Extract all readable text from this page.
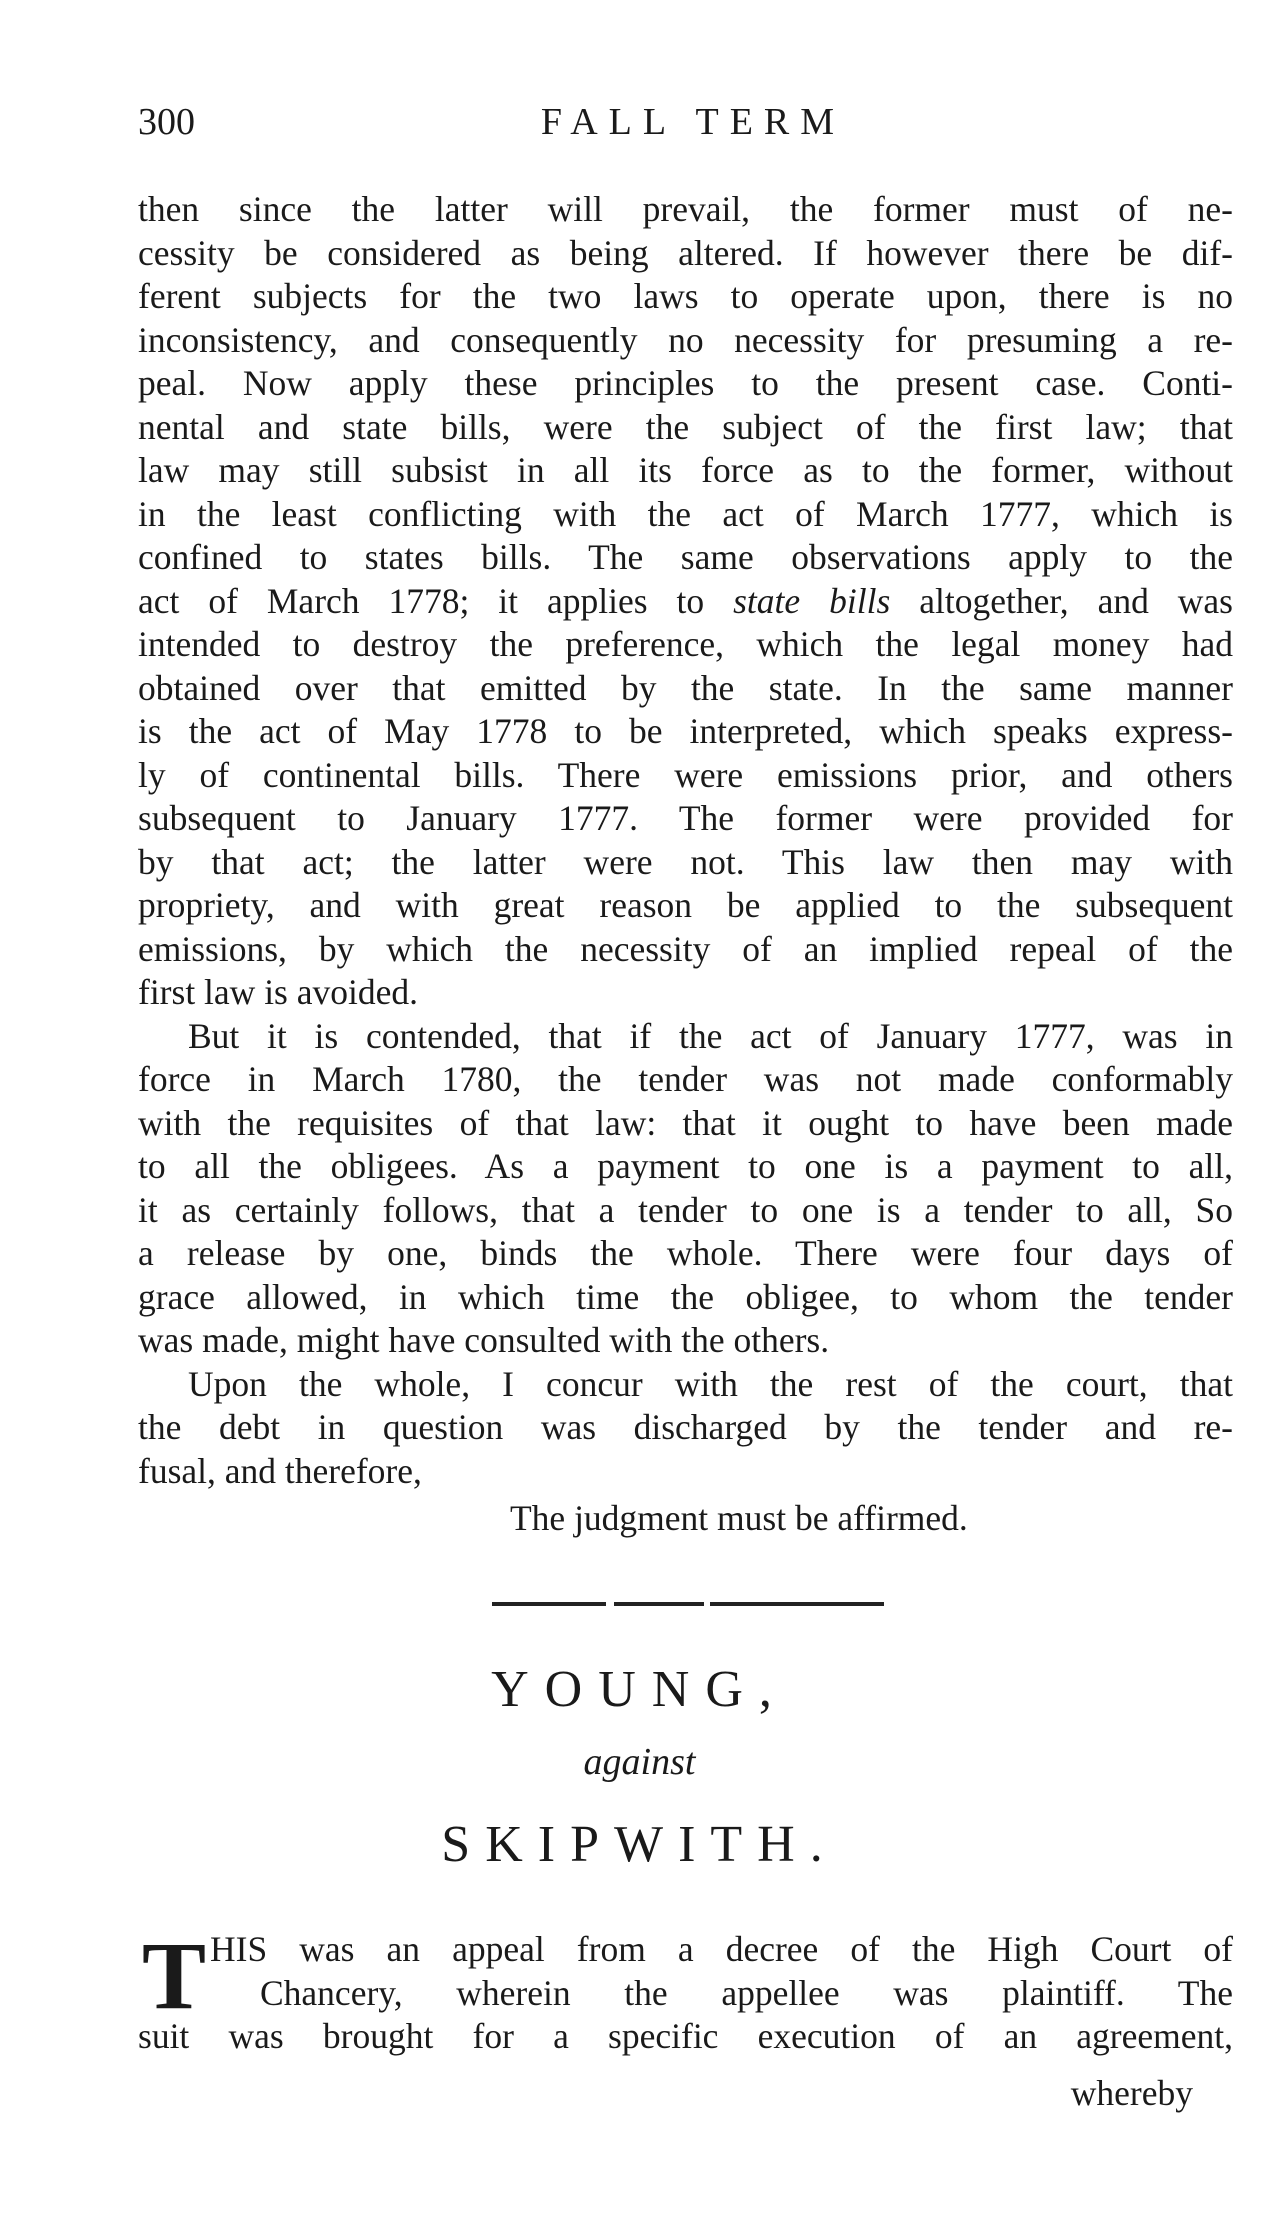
300	FALL TERM
then since the latter will prevail, the former must of ne-
cessity be considered as being altered. If however there be dif-
ferent subjects for the two laws to operate upon, there is no
inconsistency, and consequently no necessity for presuming a re-
peal. Now apply these principles to the present case. Conti-
nental and state bills, were the subject of the first law; that
law may still subsist in all its force as to the former, without
in the least conflicting with the act of March 1777, which is
confined to states bills. The same observations apply to the
act of March 1778; it applies to state bills altogether, and was
intended to destroy the preference, which the legal money had
obtained over that emitted by the state. In the same manner
is the act of May 1778 to be interpreted, which speaks express-
ly of continental bills. There were emissions prior, and others
subsequent to January 1777. The former were provided for
by that act; the latter were not. This law then may with
propriety, and with great reason be applied to the subsequent
emissions, by which the necessity of an implied repeal of the
first law is avoided.
But it is contended, that if the act of January 1777, was in
force in March 1780, the tender was not made conformably
with the requisites of that law: that it ought to have been made
to all the obligees. As a payment to one is a payment to all,
it as certainly follows, that a tender to one is a tender to all, So
a release by one, binds the whole. There were four days of
grace allowed, in which time the obligee, to whom the tender
was made, might have consulted with the others.
Upon the whole, I concur with the rest of the court, that
the debt in question was discharged by the tender and re-
fusal, and therefore,
The judgment must be affirmed.
YOUNG,
against
SKIPWITH.
T HIS was an appeal from a decree of the High Court of
Chancery, wherein the appellee was plaintiff. The
suit was brought for a specific execution of an agreement,
whereby
